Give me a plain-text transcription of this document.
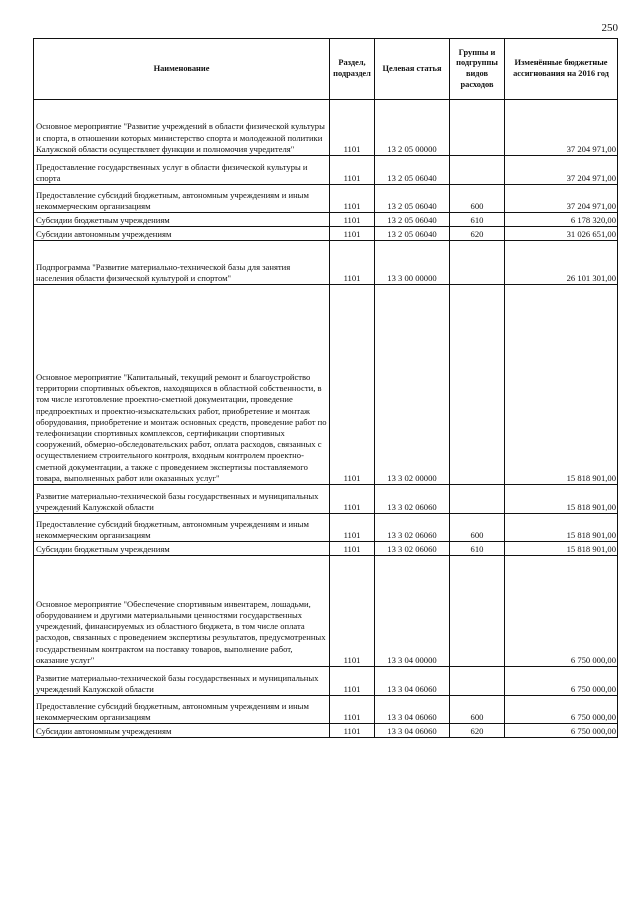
250
Наименование	Раздел, подраздел	Целевая статья	Группы и подгруппы видов расходов	Изменённые бюджетные ассигнования на 2016 год
Основное мероприятие "Развитие учреждений в области физической культуры и спорта, в отношении которых министерство спорта и молодежной политики Калужской области осуществляет функции и полномочия учредителя"	1101	13 2 05 00000		37 204 971,00
Предоставление государственных услуг в области физической культуры и спорта	1101	13 2 05 06040		37 204 971,00
Предоставление субсидий бюджетным, автономным учреждениям и иным некоммерческим организациям	1101	13 2 05 06040	600	37 204 971,00
Субсидии бюджетным учреждениям	1101	13 2 05 06040	610	6 178 320,00
Субсидии автономным учреждениям	1101	13 2 05 06040	620	31 026 651,00
Подпрограмма "Развитие материально-технической базы для занятия населения области физической культурой и спортом"	1101	13 3 00 00000		26 101 301,00
Основное мероприятие "Капитальный, текущий ремонт и благоустройство территории спортивных объектов, находящихся в областной собственности, в том числе изготовление проектно-сметной документации, проведение предпроектных и проектно-изыскательских работ, приобретение и монтаж оборудования, приобретение и монтаж основных средств, проведение работ по телефонизации спортивных комплексов, сертификации спортивных сооружений, обмерно-обследовательских работ, оплата расходов, связанных с осуществлением строительного контроля, входным контролем проектно-сметной документации, а также с проведением экспертизы поставляемого товара, выполненных работ или оказанных услуг"	1101	13 3 02 00000		15 818 901,00
Развитие материально-технической базы государственных и муниципальных учреждений Калужской области	1101	13 3 02 06060		15 818 901,00
Предоставление субсидий бюджетным, автономным учреждениям и иным некоммерческим организациям	1101	13 3 02 06060	600	15 818 901,00
Субсидии бюджетным учреждениям	1101	13 3 02 06060	610	15 818 901,00
Основное мероприятие "Обеспечение спортивным инвентарем, лошадьми, оборудованием и другими материальными ценностями государственных учреждений, финансируемых из областного бюджета, в том числе оплата расходов, связанных с проведением экспертизы результатов, предусмотренных государственным контрактом на поставку товаров, выполнение работ, оказание услуг"	1101	13 3 04 00000		6 750 000,00
Развитие материально-технической базы государственных и муниципальных учреждений Калужской области	1101	13 3 04 06060		6 750 000,00
Предоставление субсидий бюджетным, автономным учреждениям и иным некоммерческим организациям	1101	13 3 04 06060	600	6 750 000,00
Субсидии автономным учреждениям	1101	13 3 04 06060	620	6 750 000,00
